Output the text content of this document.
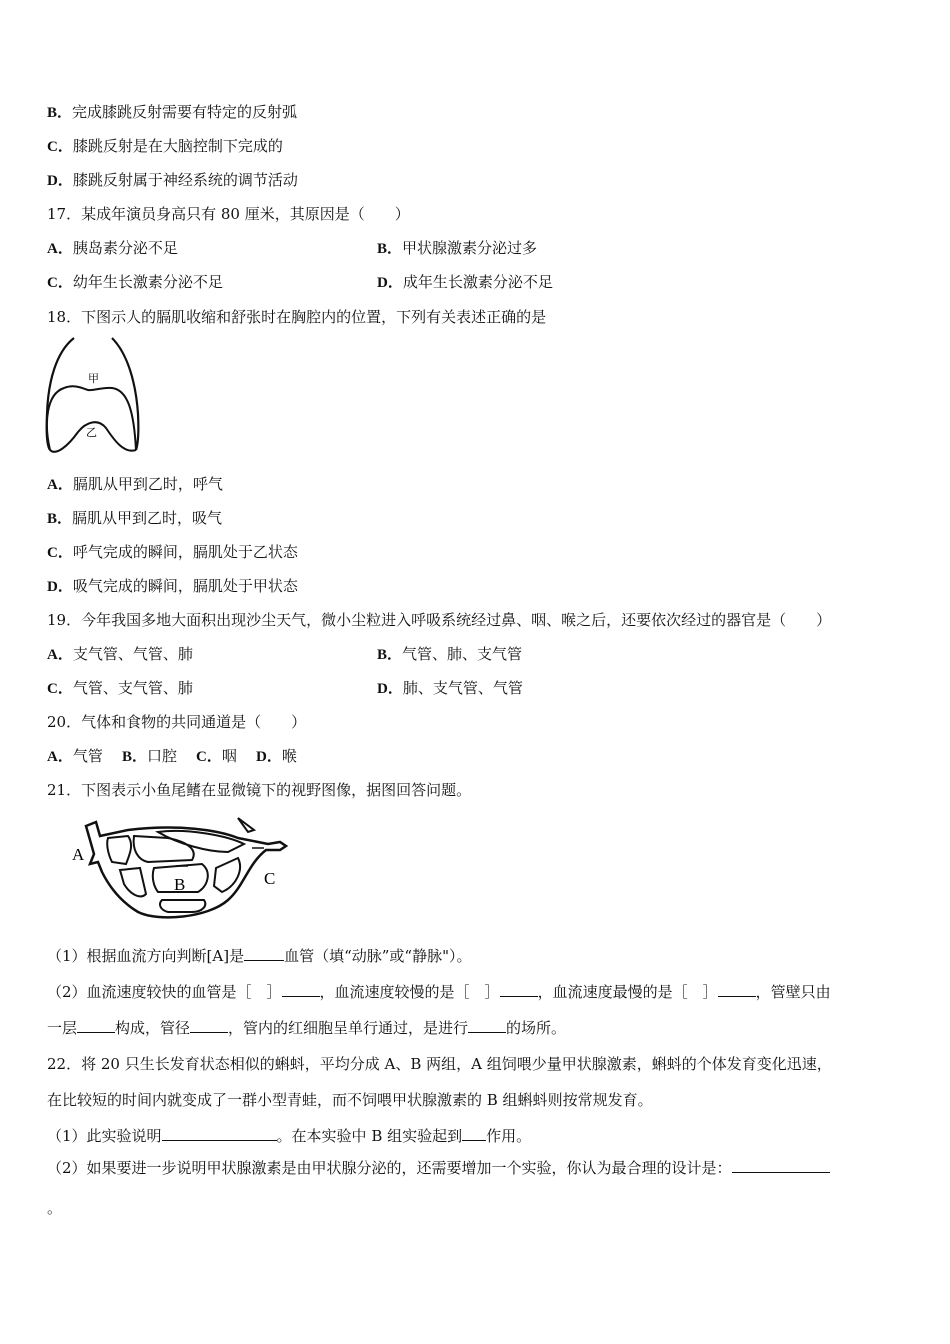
B．完成膝跳反射需要有特定的反射弧
C．膝跳反射是在大脑控制下完成的
D．膝跳反射属于神经系统的调节活动
17．某成年演员身高只有 80 厘米，其原因是（　　）
A．胰岛素分泌不足	B．甲状腺激素分泌过多
C．幼年生长激素分泌不足	D．成年生长激素分泌不足
18．下图示人的膈肌收缩和舒张时在胸腔内的位置，下列有关表述正确的是
甲
乙
A．膈肌从甲到乙时，呼气
B．膈肌从甲到乙时，吸气
C．呼气完成的瞬间，膈肌处于乙状态
D．吸气完成的瞬间，膈肌处于甲状态
19．今年我国多地大面积出现沙尘天气，微小尘粒进入呼吸系统经过鼻、咽、喉之后，还要依次经过的器官是（　　）
A．支气管、气管、肺	B．气管、肺、支气管
C．气管、支气管、肺	D．肺、支气管、气管
20．气体和食物的共同通道是（　　）
A．气管 B．口腔 C．咽 D．喉
21．下图表示小鱼尾鳍在显微镜下的视野图像，据图回答问题。
A
B	C
（1）根据血流方向判断[A]是	血管（填“动脉”或“静脉"）。
（2）血流速度较快的血管是［　］	，血流速度较慢的是［　］	，血流速度最慢的是［　］	，管壁只由
一层	构成，管径	，管内的红细胞呈单行通过，是进行	的场所。
22．将 20 只生长发育状态相似的蝌蚪，平均分成 A、B 两组，A 组饲喂少量甲状腺激素，蝌蚪的个体发育变化迅速，
在比较短的时间内就变成了一群小型青蛙，而不饲喂甲状腺激素的 B 组蝌蚪则按常规发育。
（1）此实验说明	。在本实验中 B 组实验起到 作用。
（2）如果要进一步说明甲状腺激素是由甲状腺分泌的，还需要增加一个实验，你认为最合理的设计是：
。
